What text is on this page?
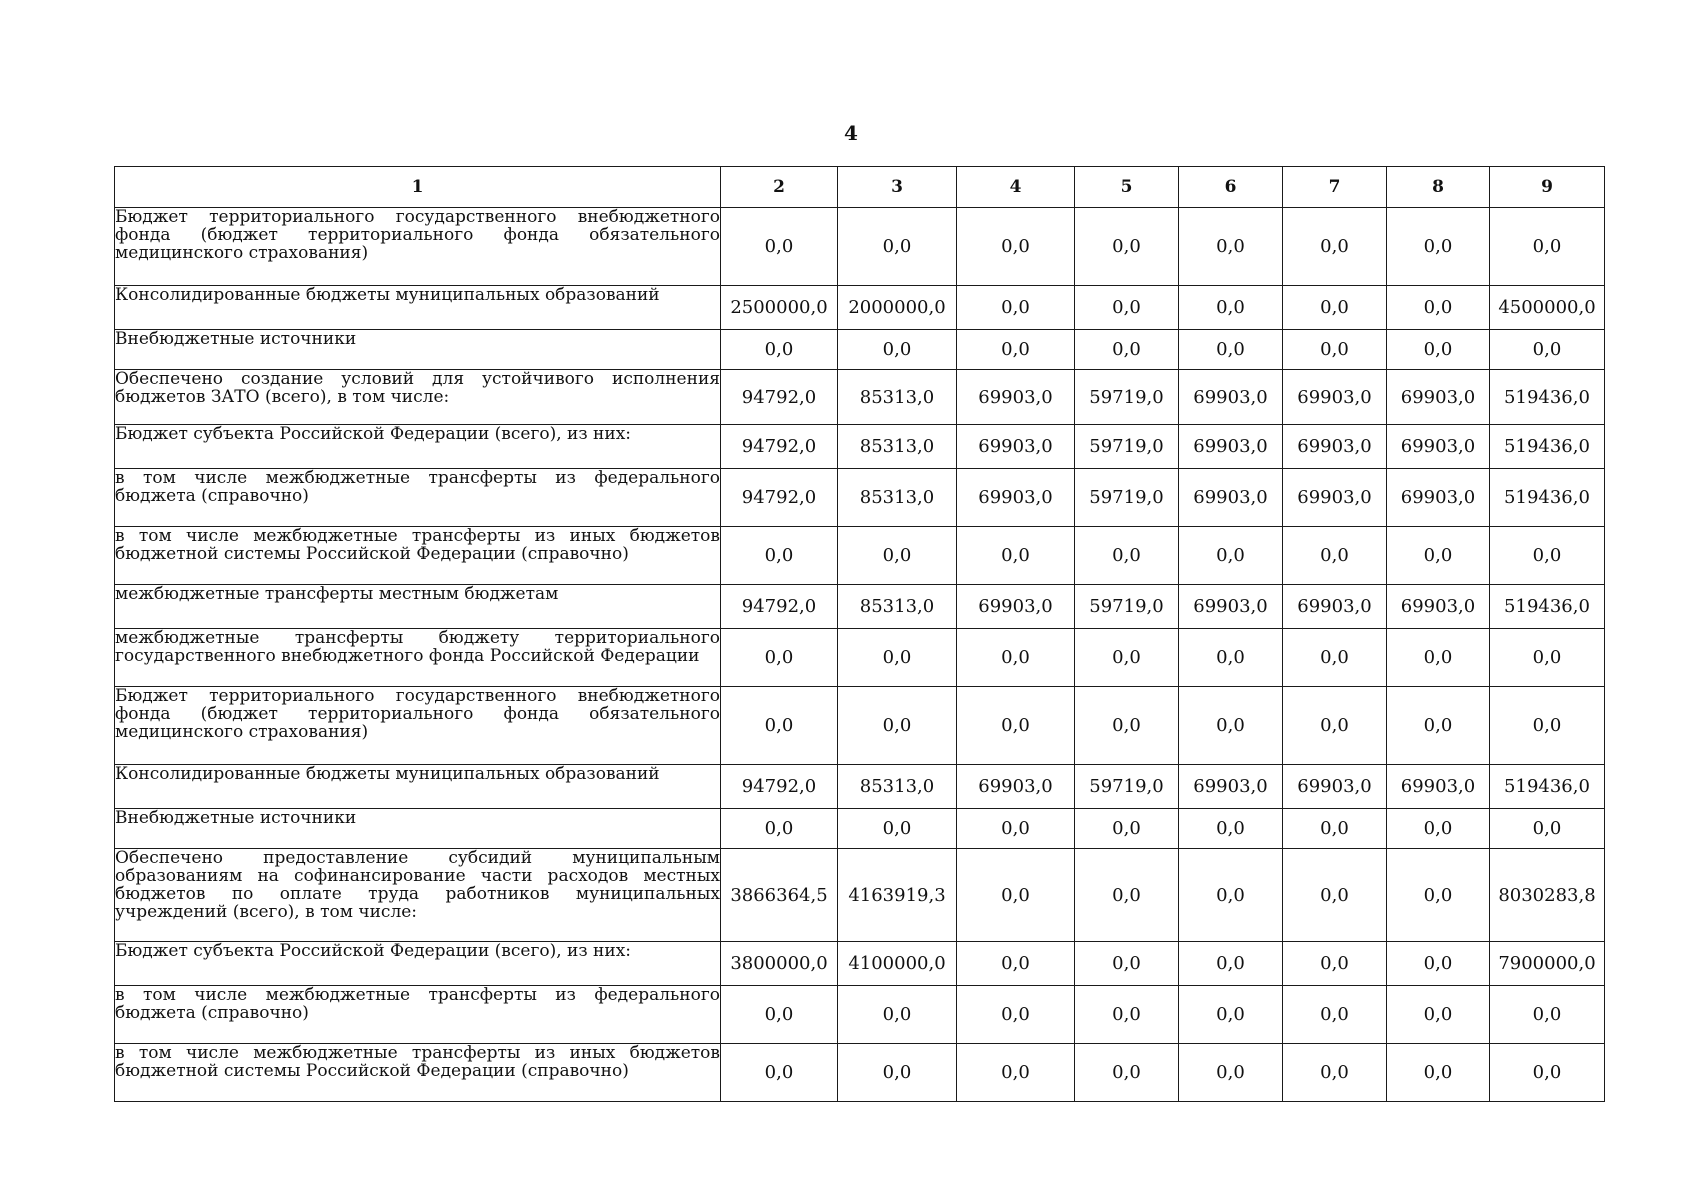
4
1	2	3	4	5	6	7	8	9
Бюджет территориального государственного внебюджетного фонда (бюджет территориального фонда обязательного медицинского страхования)	0,0	0,0	0,0	0,0	0,0	0,0	0,0	0,0
Консолидированные бюджеты муниципальных образований	2500000,0	2000000,0	0,0	0,0	0,0	0,0	0,0	4500000,0
Внебюджетные источники	0,0	0,0	0,0	0,0	0,0	0,0	0,0	0,0
Обеспечено создание условий для устойчивого исполнения бюджетов ЗАТО (всего), в том числе:	94792,0	85313,0	69903,0	59719,0	69903,0	69903,0	69903,0	519436,0
Бюджет субъекта Российской Федерации (всего), из них:	94792,0	85313,0	69903,0	59719,0	69903,0	69903,0	69903,0	519436,0
в том числе межбюджетные трансферты из федерального бюджета (справочно)	94792,0	85313,0	69903,0	59719,0	69903,0	69903,0	69903,0	519436,0
в том числе межбюджетные трансферты из иных бюджетов бюджетной системы Российской Федерации (справочно)	0,0	0,0	0,0	0,0	0,0	0,0	0,0	0,0
межбюджетные трансферты местным бюджетам	94792,0	85313,0	69903,0	59719,0	69903,0	69903,0	69903,0	519436,0
межбюджетные трансферты бюджету территориального государственного внебюджетного фонда Российской Федерации	0,0	0,0	0,0	0,0	0,0	0,0	0,0	0,0
Бюджет территориального государственного внебюджетного фонда (бюджет территориального фонда обязательного медицинского страхования)	0,0	0,0	0,0	0,0	0,0	0,0	0,0	0,0
Консолидированные бюджеты муниципальных образований	94792,0	85313,0	69903,0	59719,0	69903,0	69903,0	69903,0	519436,0
Внебюджетные источники	0,0	0,0	0,0	0,0	0,0	0,0	0,0	0,0
Обеспечено предоставление субсидий муниципальным образованиям на софинансирование части расходов местных бюджетов по оплате труда работников муниципальных учреждений (всего), в том числе:	3866364,5	4163919,3	0,0	0,0	0,0	0,0	0,0	8030283,8
Бюджет субъекта Российской Федерации (всего), из них:	3800000,0	4100000,0	0,0	0,0	0,0	0,0	0,0	7900000,0
в том числе межбюджетные трансферты из федерального бюджета (справочно)	0,0	0,0	0,0	0,0	0,0	0,0	0,0	0,0
в том числе межбюджетные трансферты из иных бюджетов бюджетной системы Российской Федерации (справочно)	0,0	0,0	0,0	0,0	0,0	0,0	0,0	0,0
